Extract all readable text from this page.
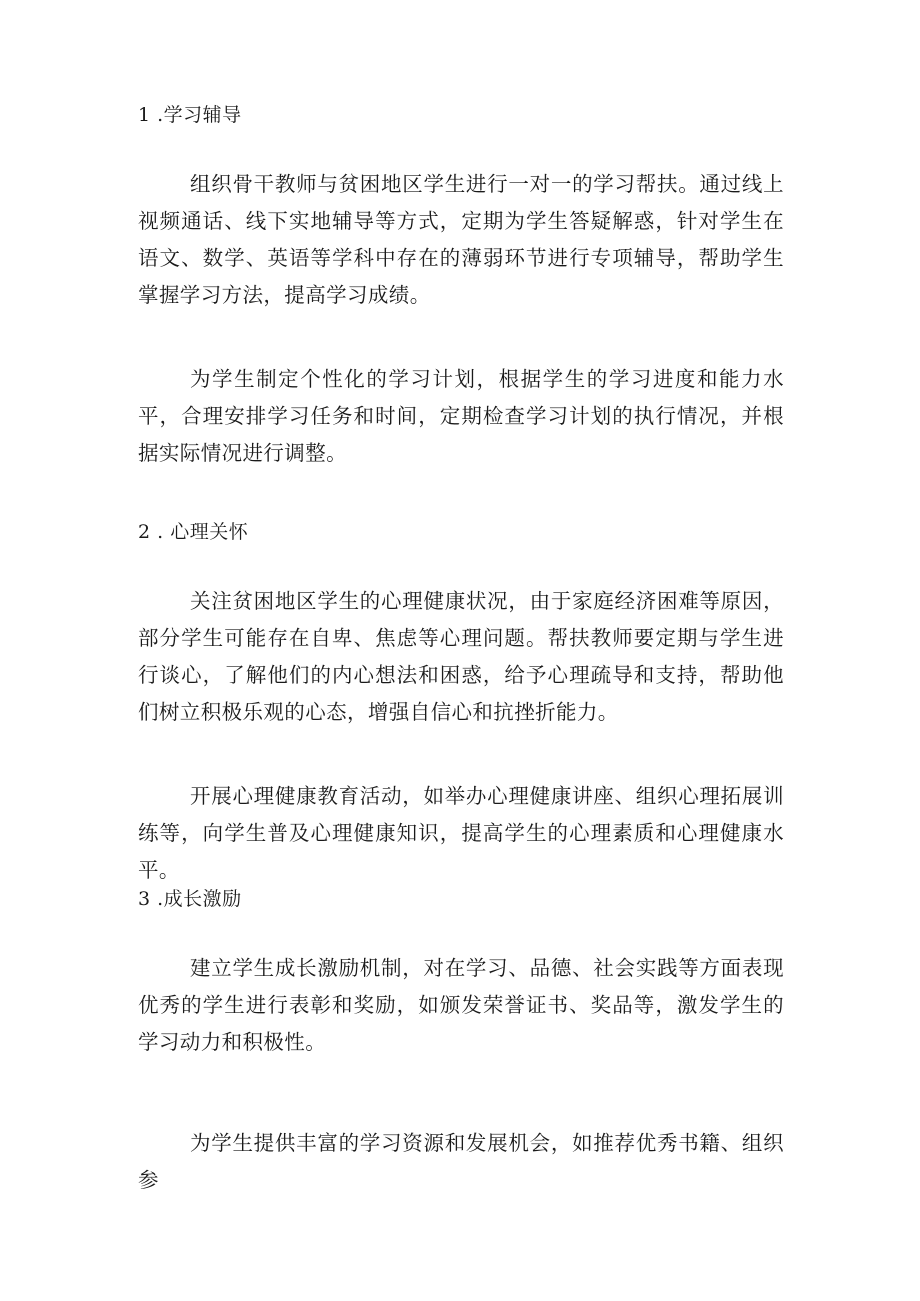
1 .学习辅导
组织骨干教师与贫困地区学生进行一对一的学习帮扶。通过线上视频通话、线下实地辅导等方式，定期为学生答疑解惑，针对学生在语文、数学、英语等学科中存在的薄弱环节进行专项辅导，帮助学生掌握学习方法，提高学习成绩。
为学生制定个性化的学习计划，根据学生的学习进度和能力水平，合理安排学习任务和时间，定期检查学习计划的执行情况，并根据实际情况进行调整。
2 . 心理关怀
关注贫困地区学生的心理健康状况，由于家庭经济困难等原因，部分学生可能存在自卑、焦虑等心理问题。帮扶教师要定期与学生进行谈心，了解他们的内心想法和困惑，给予心理疏导和支持，帮助他们树立积极乐观的心态，增强自信心和抗挫折能力。
开展心理健康教育活动，如举办心理健康讲座、组织心理拓展训练等，向学生普及心理健康知识，提高学生的心理素质和心理健康水平。
3 .成长激励
建立学生成长激励机制，对在学习、品德、社会实践等方面表现优秀的学生进行表彰和奖励，如颁发荣誉证书、奖品等，激发学生的学习动力和积极性。
为学生提供丰富的学习资源和发展机会，如推荐优秀书籍、组织参
